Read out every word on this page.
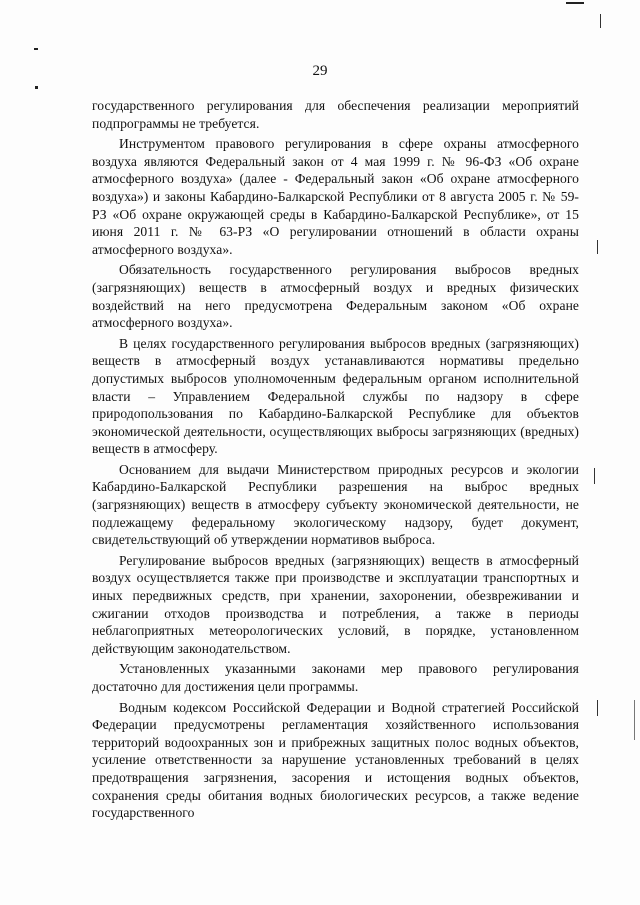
29

государственного регулирования для обеспечения реализации мероприятий подпрограммы не требуется.

Инструментом правового регулирования в сфере охраны атмосферного воздуха являются Федеральный закон от 4 мая 1999 г. № 96-ФЗ «Об охране атмосферного воздуха» (далее - Федеральный закон «Об охране атмосферного воздуха») и законы Кабардино-Балкарской Республики от 8 августа 2005 г. № 59-РЗ «Об охране окружающей среды в Кабардино-Балкарской Республике», от 15 июня 2011 г. № 63-РЗ «О регулировании отношений в области охраны атмосферного воздуха».

Обязательность государственного регулирования выбросов вредных (загрязняющих) веществ в атмосферный воздух и вредных физических воздействий на него предусмотрена Федеральным законом «Об охране атмосферного воздуха».

В целях государственного регулирования выбросов вредных (загрязняющих) веществ в атмосферный воздух устанавливаются нормативы предельно допустимых выбросов уполномоченным федеральным органом исполнительной власти – Управлением Федеральной службы по надзору в сфере природопользования по Кабардино-Балкарской Республике для объектов экономической деятельности, осуществляющих выбросы загрязняющих (вредных) веществ в атмосферу.

Основанием для выдачи Министерством природных ресурсов и экологии Кабардино-Балкарской Республики разрешения на выброс вредных (загрязняющих) веществ в атмосферу субъекту экономической деятельности, не подлежащему федеральному экологическому надзору, будет документ, свидетельствующий об утверждении нормативов выброса.

Регулирование выбросов вредных (загрязняющих) веществ в атмосферный воздух осуществляется также при производстве и эксплуатации транспортных и иных передвижных средств, при хранении, захоронении, обезвреживании и сжигании отходов производства и потребления, а также в периоды неблагоприятных метеорологических условий, в порядке, установленном действующим законодательством.

Установленных указанными законами мер правового регулирования достаточно для достижения цели программы.

Водным кодексом Российской Федерации и Водной стратегией Российской Федерации предусмотрены регламентация хозяйственного использования территорий водоохранных зон и прибрежных защитных полос водных объектов, усиление ответственности за нарушение установленных требований в целях предотвращения загрязнения, засорения и истощения водных объектов, сохранения среды обитания водных биологических ресурсов, а также ведение государственного
